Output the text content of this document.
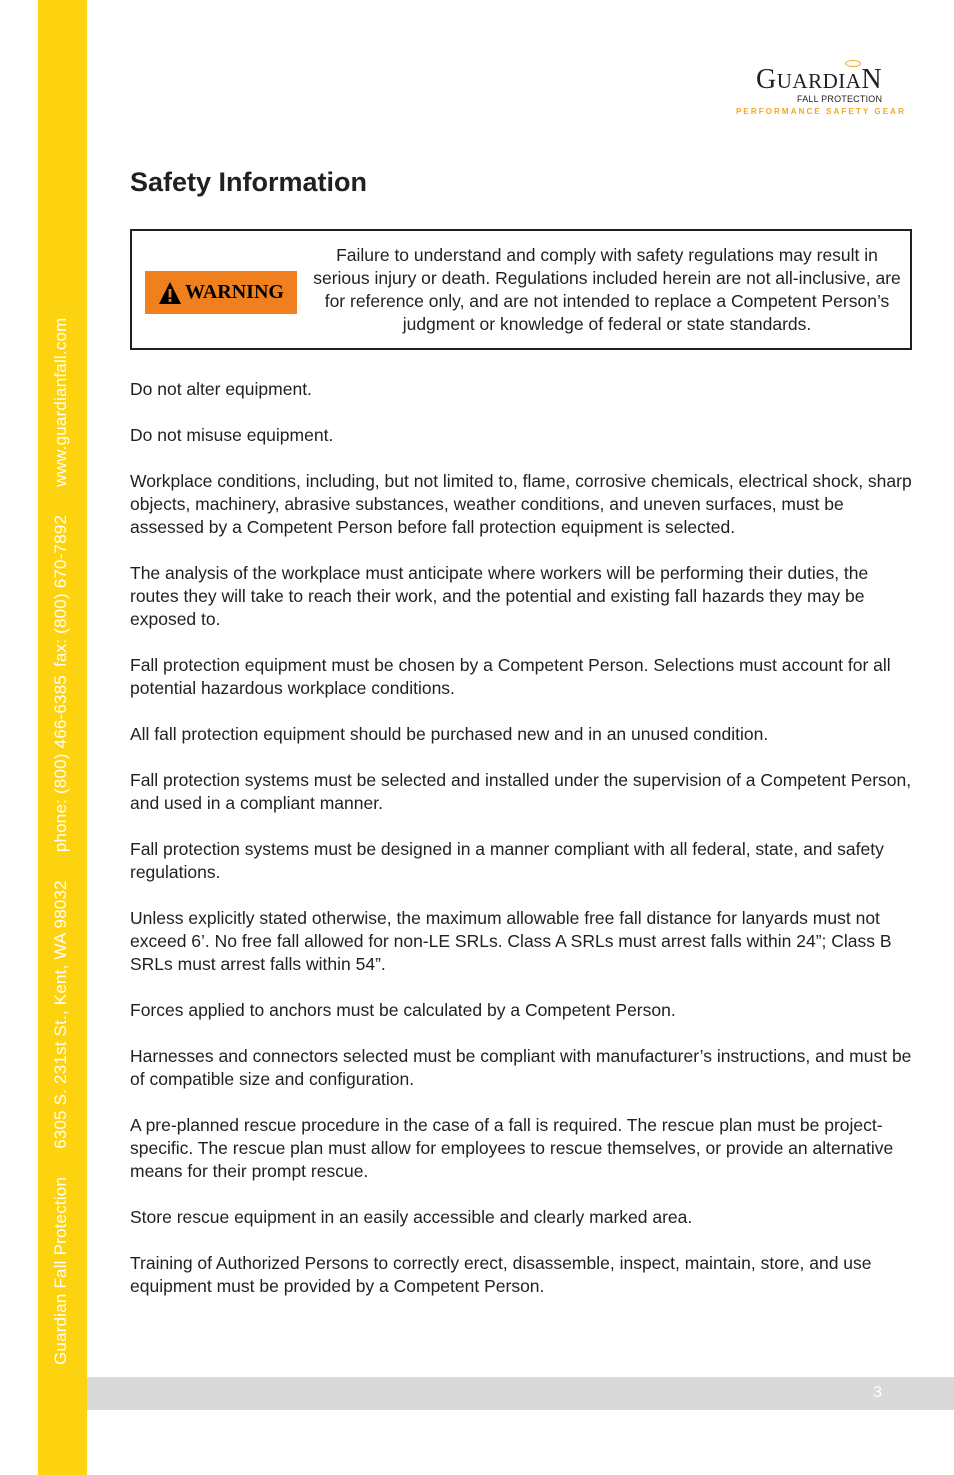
Guardian Fall Protection6305 S. 231st St., Kent, WA 98032phone: (800) 466-6385fax: (800) 670-7892www.guardianfall.com
GUARDIAN
FALL PROTECTION
PERFORMANCE SAFETY GEAR
Safety Information
WARNING
Failure to understand and comply with safety regulations may result in serious injury or death. Regulations included herein are not all-inclusive, are for reference only, and are not intended to replace a Competent Person’s judgment or knowledge of federal or state standards.

Do not alter equipment.

Do not misuse equipment.

Workplace conditions, including, but not limited to, flame, corrosive chemicals, electrical shock, sharp objects, machinery, abrasive substances, weather conditions, and uneven surfaces, must be assessed by a Competent Person before fall protection equipment is selected.

The analysis of the workplace must anticipate where workers will be performing their duties, the routes they will take to reach their work, and the potential and existing fall hazards they may be exposed to.

Fall protection equipment must be chosen by a Competent Person. Selections must account for all potential hazardous workplace conditions.

All fall protection equipment should be purchased new and in an unused condition.

Fall protection systems must be selected and installed under the supervision of a Competent Person, and used in a compliant manner.

Fall protection systems must be designed in a manner compliant with all federal, state, and safety regulations.

Unless explicitly stated otherwise, the maximum allowable free fall distance for lanyards must not exceed 6’. No free fall allowed for non-LE SRLs. Class A SRLs must arrest falls within 24”; Class B SRLs must arrest falls within 54”.

Forces applied to anchors must be calculated by a Competent Person.

Harnesses and connectors selected must be compliant with manufacturer’s instructions, and must be of compatible size and configuration.

A pre-planned rescue procedure in the case of a fall is required. The rescue plan must be project-specific. The rescue plan must allow for employees to rescue themselves, or provide an alternative means for their prompt rescue.

Store rescue equipment in an easily accessible and clearly marked area.

Training of Authorized Persons to correctly erect, disassemble, inspect, maintain, store, and use equipment must be provided by a Competent Person.

3
